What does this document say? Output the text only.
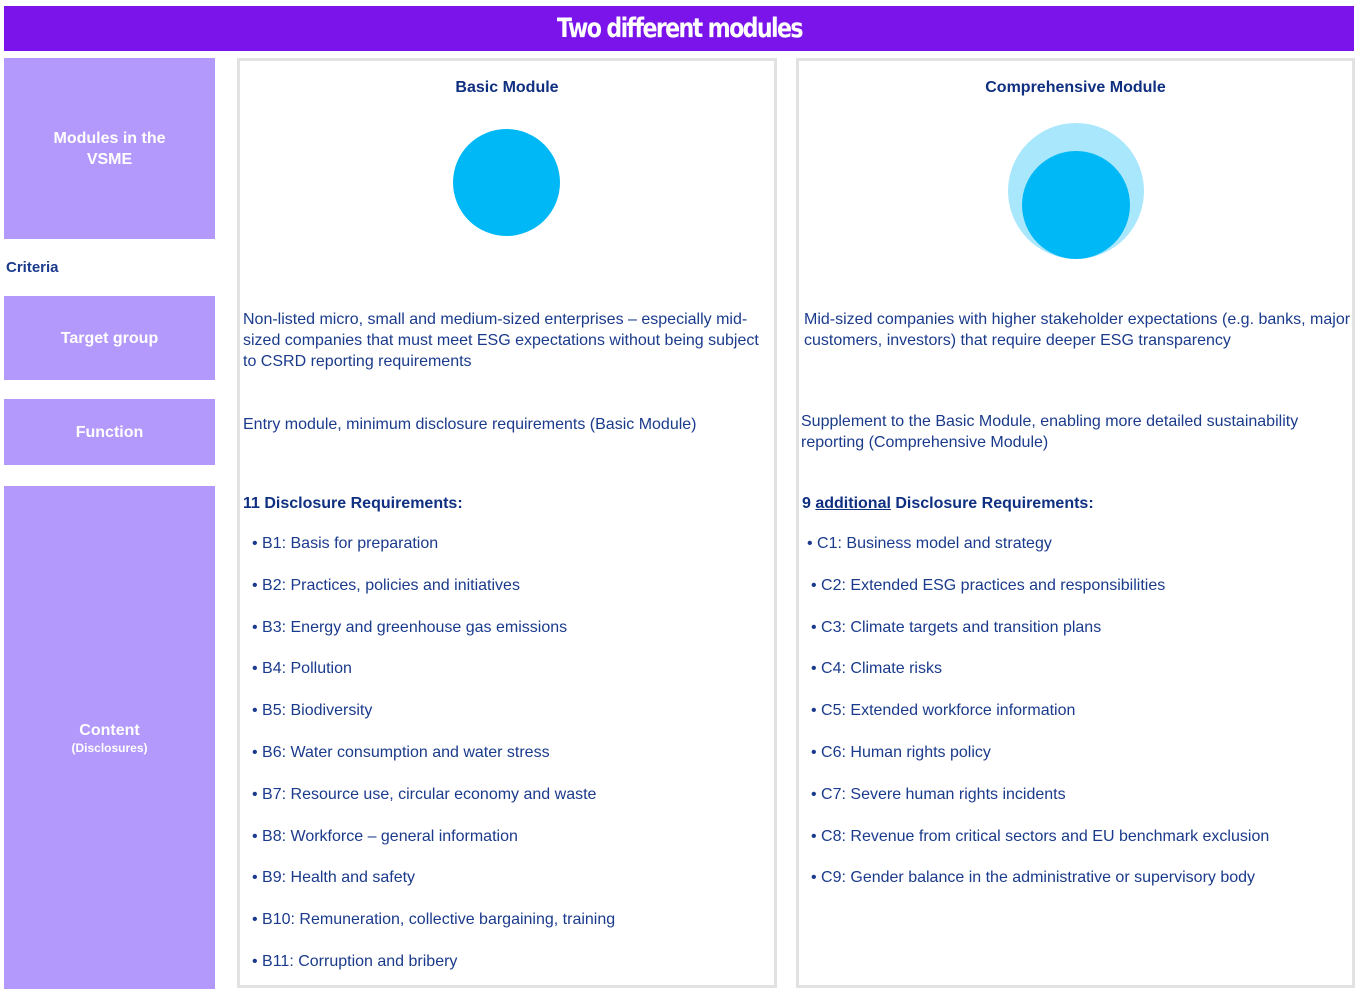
Two different modules
Modules in the VSME
Criteria
Target group
Function
Content
(Disclosures)
Basic Module
Non-listed micro, small and medium-sized enterprises – especially mid-sized companies that must meet ESG expectations without being subject to CSRD reporting requirements
Entry module, minimum disclosure requirements (Basic Module)
11 Disclosure Requirements:
• B1: Basis for preparation
• B2: Practices, policies and initiatives
• B3: Energy and greenhouse gas emissions
• B4: Pollution
• B5: Biodiversity
• B6: Water consumption and water stress
• B7: Resource use, circular economy and waste
• B8: Workforce – general information
• B9: Health and safety
• B10: Remuneration, collective bargaining, training
• B11: Corruption and bribery
Comprehensive Module
Mid-sized companies with higher stakeholder expectations (e.g. banks, major customers, investors) that require deeper ESG transparency
Supplement to the Basic Module, enabling more detailed sustainability reporting (Comprehensive Module)
9 additional Disclosure Requirements:
• C1: Business model and strategy
• C2: Extended ESG practices and responsibilities
• C3: Climate targets and transition plans
• C4: Climate risks
• C5: Extended workforce information
• C6: Human rights policy
• C7: Severe human rights incidents
• C8: Revenue from critical sectors and EU benchmark exclusion
• C9: Gender balance in the administrative or supervisory body
